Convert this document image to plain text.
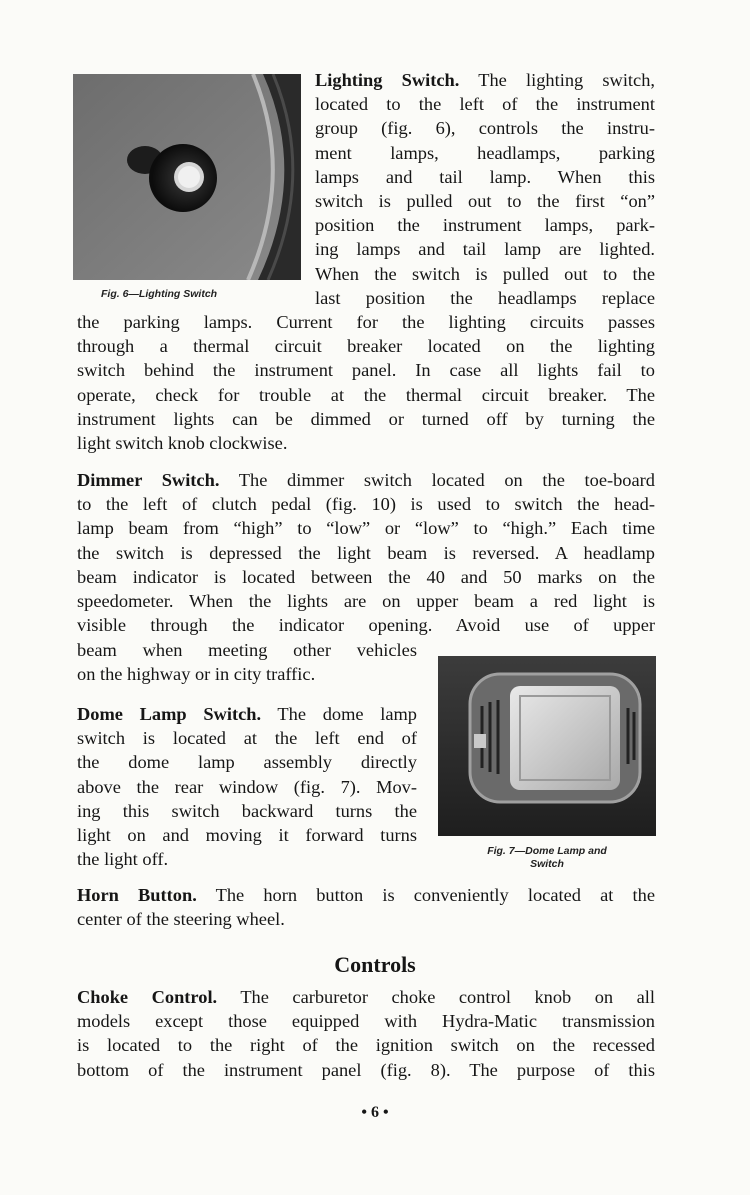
Fig. 6—Lighting Switch
Lighting Switch. The lighting switch,
located to the left of the instrument
group (fig. 6), controls the instru-
ment lamps, headlamps, parking
lamps and tail lamp. When this
switch is pulled out to the first “on”
position the instrument lamps, park-
ing lamps and tail lamp are lighted.
When the switch is pulled out to the
last position the headlamps replace
the parking lamps. Current for the lighting circuits passes
through a thermal circuit breaker located on the lighting
switch behind the instrument panel. In case all lights fail to
operate, check for trouble at the thermal circuit breaker. The
instrument lights can be dimmed or turned off by turning the
light switch knob clockwise.
Dimmer Switch. The dimmer switch located on the toe-board
to the left of clutch pedal (fig. 10) is used to switch the head-
lamp beam from “high” to “low” or “low” to “high.” Each time
the switch is depressed the light beam is reversed. A headlamp
beam indicator is located between the 40 and 50 marks on the
speedometer. When the lights are on upper beam a red light is
visible through the indicator opening. Avoid use of upper
beam when meeting other vehicles
on the highway or in city traffic.
Fig. 7—Dome Lamp and
Switch
Dome Lamp Switch. The dome lamp
switch is located at the left end of
the dome lamp assembly directly
above the rear window (fig. 7). Mov-
ing this switch backward turns the
light on and moving it forward turns
the light off.
Horn Button. The horn button is conveniently located at the
center of the steering wheel.
Controls
Choke Control. The carburetor choke control knob on all
models except those equipped with Hydra-Matic transmission
is located to the right of the ignition switch on the recessed
bottom of the instrument panel (fig. 8). The purpose of this
• 6 •
